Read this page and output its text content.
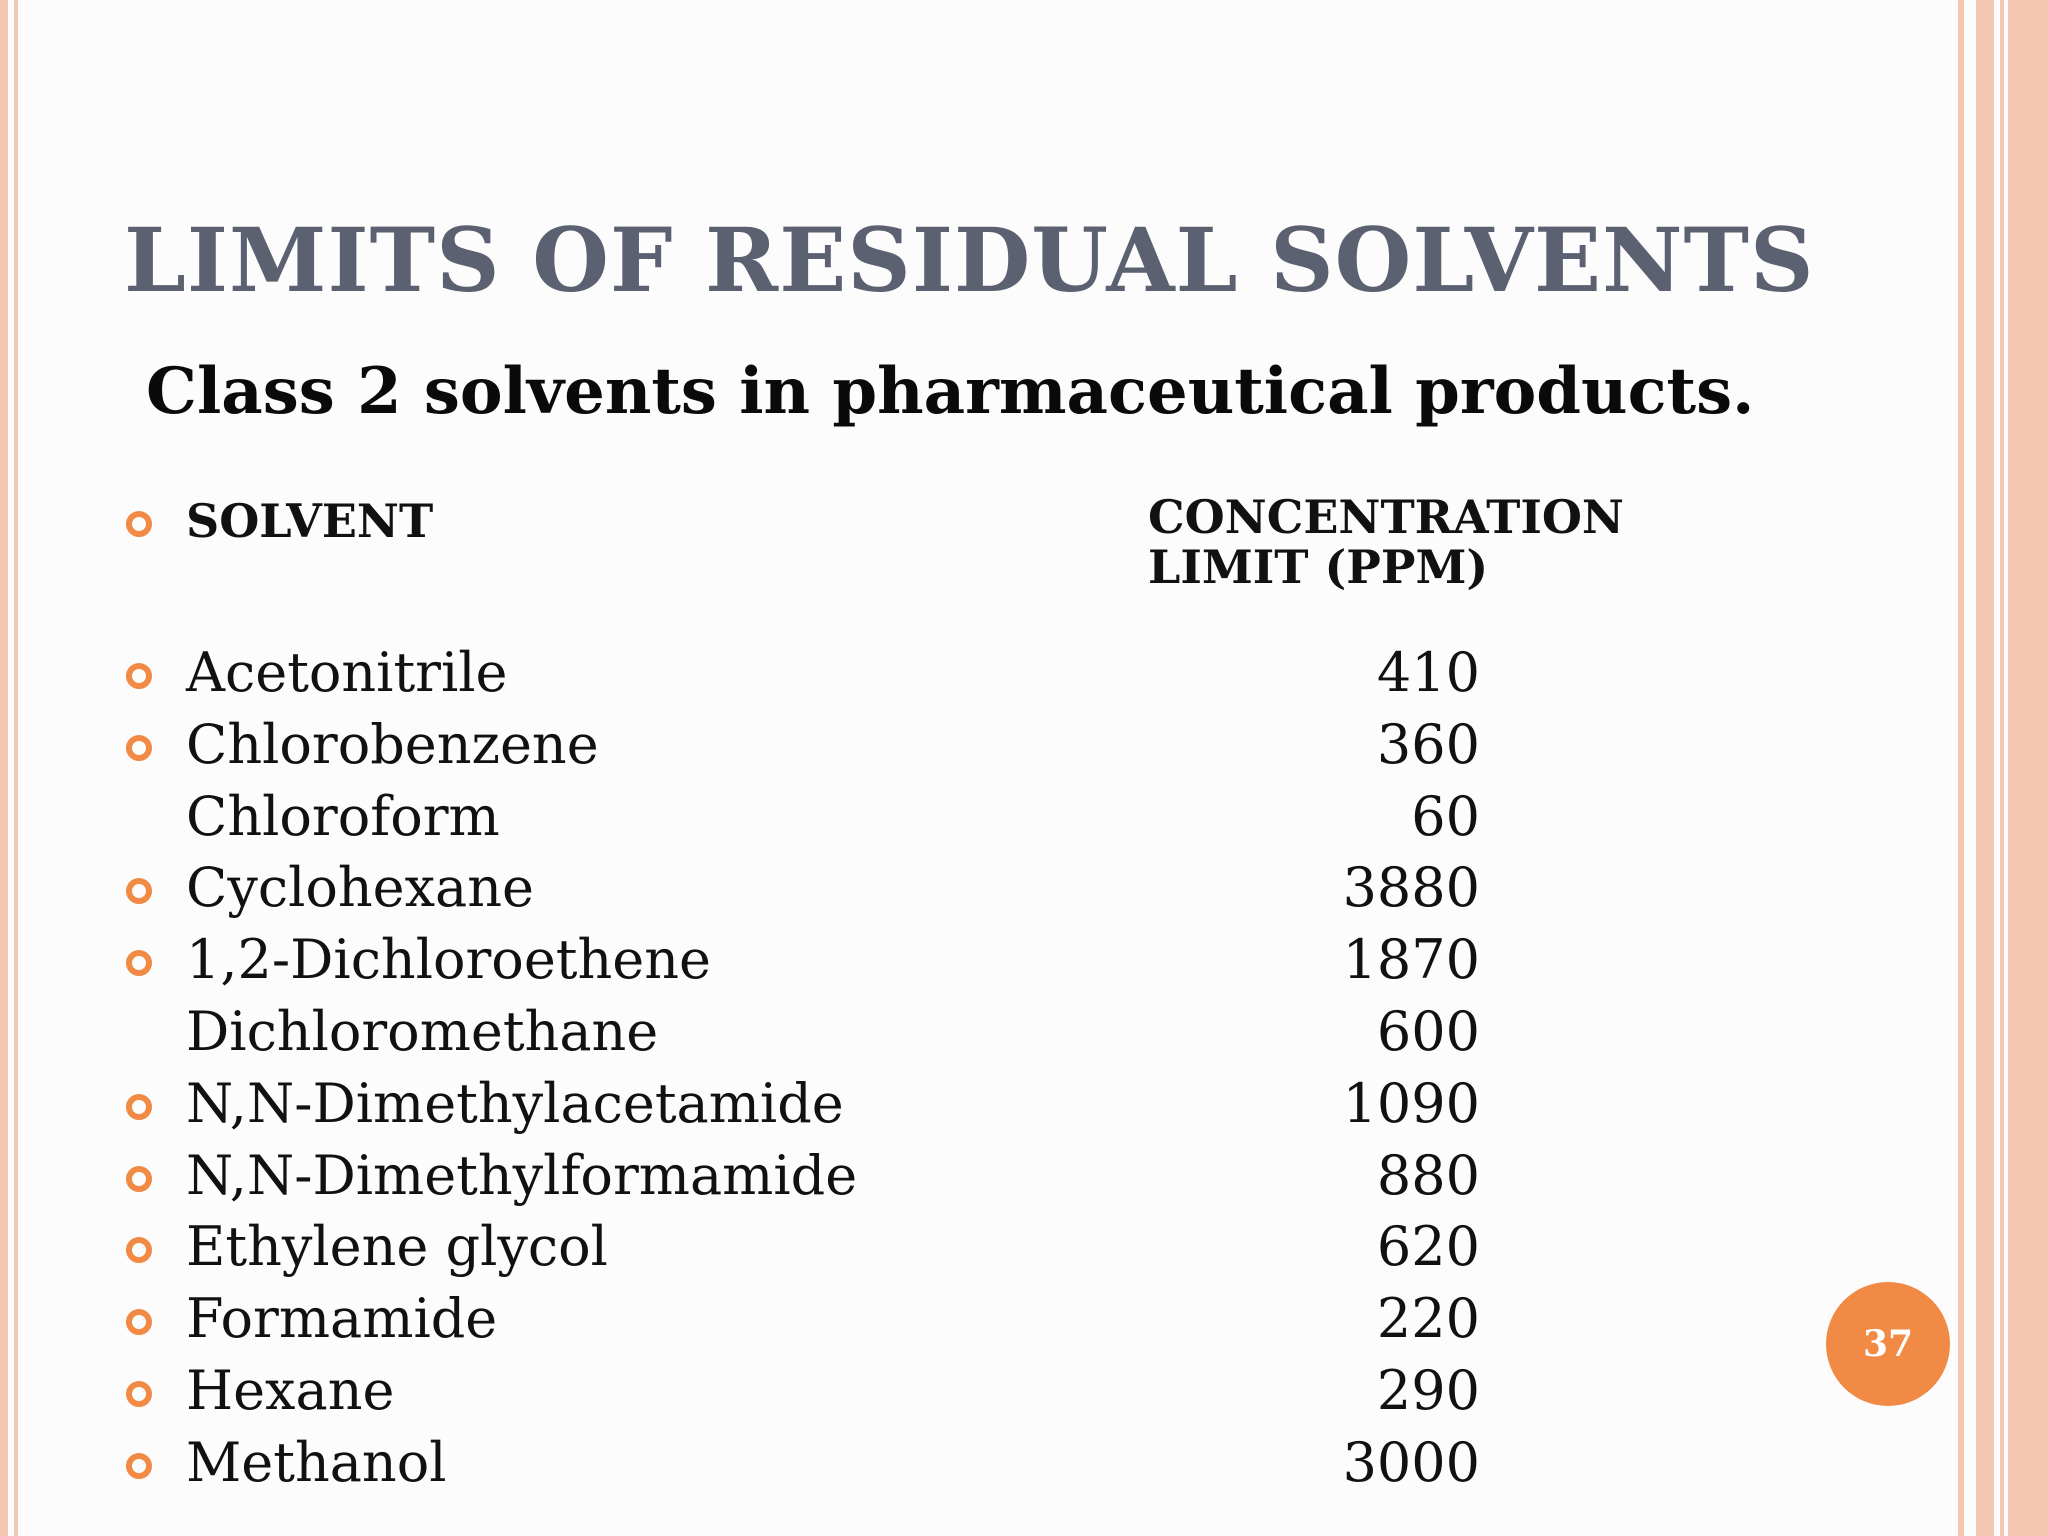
LIMITS OF RESIDUAL SOLVENTS
Class 2 solvents in pharmaceutical products.
SOLVENT	CONCENTRATION
LIMIT (PPM)
Acetonitrile	410
Chlorobenzene	360
Chloroform	60
Cyclohexane	3880
1,2-Dichloroethene	1870
Dichloromethane	600
N,N-Dimethylacetamide	1090
N,N-Dimethylformamide	880
Ethylene glycol	620
Formamide	220
Hexane	290
Methanol	3000
37
